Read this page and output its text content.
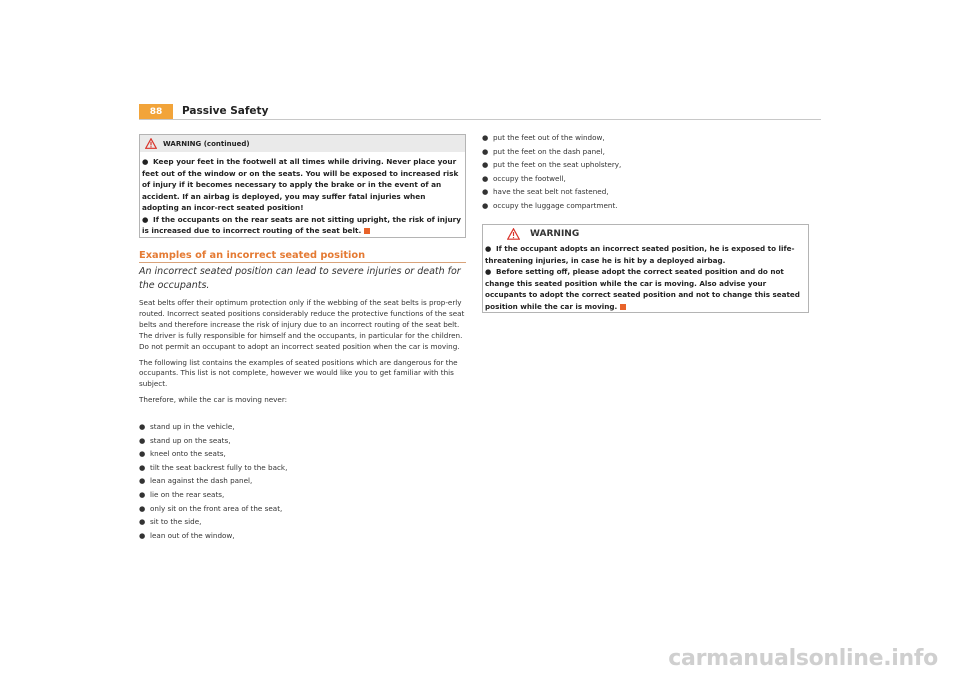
88	Passive Safety
WARNING (continued)

● Keep your feet in the footwell at all times while driving. Never place your feet out of the window or on the seats. You will be exposed to increased risk of injury if it becomes necessary to apply the brake or in the event of an accident. If an airbag is deployed, you may suffer fatal injuries when adopting an incor-rect seated position!

● If the occupants on the rear seats are not sitting upright, the risk of injury is increased due to incorrect routing of the seat belt.

Examples of an incorrect seated position
An incorrect seated position can lead to severe injuries or death for the occupants.

Seat belts offer their optimum protection only if the webbing of the seat belts is prop-erly routed. Incorrect seated positions considerably reduce the protective functions of the seat belts and therefore increase the risk of injury due to an incorrect routing of the seat belt. The driver is fully responsible for himself and the occupants, in particular for the children. Do not permit an occupant to adopt an incorrect seated position when the car is moving.

The following list contains the examples of seated positions which are dangerous for the occupants. This list is not complete, however we would like you to get familiar with this subject.

Therefore, while the car is moving never:

● stand up in the vehicle,
● stand up on the seats,
● kneel onto the seats,
● tilt the seat backrest fully to the back,
● lean against the dash panel,
● lie on the rear seats,
● only sit on the front area of the seat,
● sit to the side,
● lean out of the window,
● put the feet out of the window,
● put the feet on the dash panel,
● put the feet on the seat upholstery,
● occupy the footwell,
● have the seat belt not fastened,
● occupy the luggage compartment.
WARNING

● If the occupant adopts an incorrect seated position, he is exposed to life-threatening injuries, in case he is hit by a deployed airbag.

● Before setting off, please adopt the correct seated position and do not change this seated position while the car is moving. Also advise your occupants to adopt the correct seated position and not to change this seated position while the car is moving.

carmanualsonline.info
